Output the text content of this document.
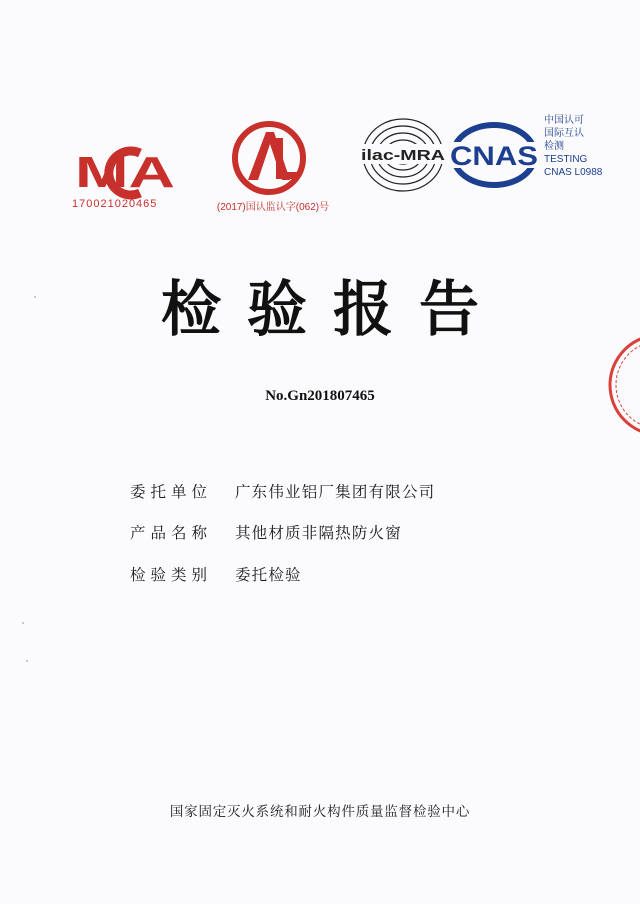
MA
170021020465	(2017)国认监认字(062)号
ilac-MRA CNAS
中国认可
国际互认
检测
TESTING
CNAS L0988
检验报告
No.Gn201807465
委托单位 广东伟业铝厂集团有限公司
产品名称 其他材质非隔热防火窗
检验类别 委托检验
国家固定灭火系统和耐火构件质量监督检验中心
